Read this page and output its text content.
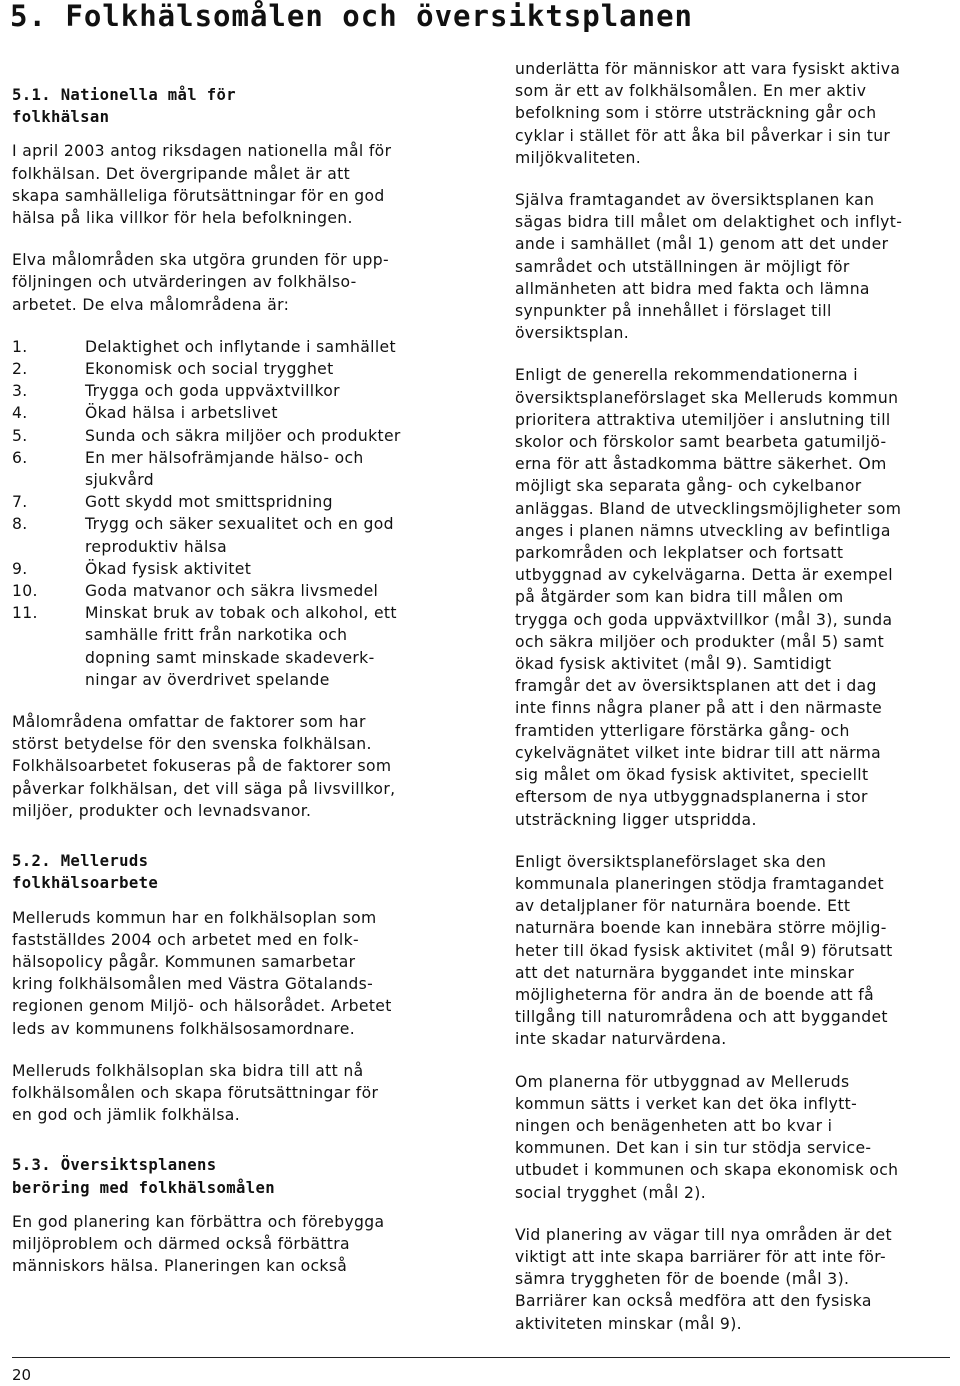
5. Folkhälsomålen och översiktsplanen
5.1. Nationella mål för
folkhälsan

I april 2003 antog riksdagen nationella mål för
folkhälsan. Det övergripande målet är att
skapa samhälleliga förutsättningar för en god
hälsa på lika villkor för hela befolkningen.

Elva målområden ska utgöra grunden för upp-
följningen och utvärderingen av folkhälso-
arbetet. De elva målområdena är:

1.	Delaktighet och inflytande i samhället
2.	Ekonomisk och social trygghet
3.	Trygga och goda uppväxtvillkor
4.	Ökad hälsa i arbetslivet
5.	Sunda och säkra miljöer och produkter
6.	En mer hälsofrämjande hälso- och
sjukvård
7.	Gott skydd mot smittspridning
8.	Trygg och säker sexualitet och en god
reproduktiv hälsa
9.	Ökad fysisk aktivitet
10.	Goda matvanor och säkra livsmedel
11.	Minskat bruk av tobak och alkohol, ett
samhälle fritt från narkotika och
dopning samt minskade skadeverk-
ningar av överdrivet spelande

Målområdena omfattar de faktorer som har
störst betydelse för den svenska folkhälsan.
Folkhälsoarbetet fokuseras på de faktorer som
påverkar folkhälsan, det vill säga på livsvillkor,
miljöer, produkter och levnadsvanor.

5.2. Melleruds
folkhälsoarbete

Melleruds kommun har en folkhälsoplan som
fastställdes 2004 och arbetet med en folk-
hälsopolicy pågår. Kommunen samarbetar
kring folkhälsomålen med Västra Götalands-
regionen genom Miljö- och hälsorådet. Arbetet
leds av kommunens folkhälsosamordnare.

Melleruds folkhälsoplan ska bidra till att nå
folkhälsomålen och skapa förutsättningar för
en god och jämlik folkhälsa.

5.3. Översiktsplanens
beröring med folkhälsomålen

En god planering kan förbättra och förebygga
miljöproblem och därmed också förbättra
människors hälsa. Planeringen kan också

underlätta för människor att vara fysiskt aktiva
som är ett av folkhälsomålen. En mer aktiv
befolkning som i större utsträckning går och
cyklar i stället för att åka bil påverkar i sin tur
miljökvaliteten.

Själva framtagandet av översiktsplanen kan
sägas bidra till målet om delaktighet och inflyt-
ande i samhället (mål 1) genom att det under
samrådet och utställningen är möjligt för
allmänheten att bidra med fakta och lämna
synpunkter på innehållet i förslaget till
översiktsplan.

Enligt de generella rekommendationerna i
översiktsplaneförslaget ska Melleruds kommun
prioritera attraktiva utemiljöer i anslutning till
skolor och förskolor samt bearbeta gatumiljö-
erna för att åstadkomma bättre säkerhet. Om
möjligt ska separata gång- och cykelbanor
anläggas. Bland de utvecklingsmöjligheter som
anges i planen nämns utveckling av befintliga
parkområden och lekplatser och fortsatt
utbyggnad av cykelvägarna. Detta är exempel
på åtgärder som kan bidra till målen om
trygga och goda uppväxtvillkor (mål 3), sunda
och säkra miljöer och produkter (mål 5) samt
ökad fysisk aktivitet (mål 9). Samtidigt
framgår det av översiktsplanen att det i dag
inte finns några planer på att i den närmaste
framtiden ytterligare förstärka gång- och
cykelvägnätet vilket inte bidrar till att närma
sig målet om ökad fysisk aktivitet, speciellt
eftersom de nya utbyggnadsplanerna i stor
utsträckning ligger utspridda.

Enligt översiktsplaneförslaget ska den
kommunala planeringen stödja framtagandet
av detaljplaner för naturnära boende. Ett
naturnära boende kan innebära större möjlig-
heter till ökad fysisk aktivitet (mål 9) förutsatt
att det naturnära byggandet inte minskar
möjligheterna för andra än de boende att få
tillgång till naturområdena och att byggandet
inte skadar naturvärdena.

Om planerna för utbyggnad av Melleruds
kommun sätts i verket kan det öka inflytt-
ningen och benägenheten att bo kvar i
kommunen. Det kan i sin tur stödja service-
utbudet i kommunen och skapa ekonomisk och
social trygghet (mål 2).

Vid planering av vägar till nya områden är det
viktigt att inte skapa barriärer för att inte för-
sämra tryggheten för de boende (mål 3).
Barriärer kan också medföra att den fysiska
aktiviteten minskar (mål 9).

20
